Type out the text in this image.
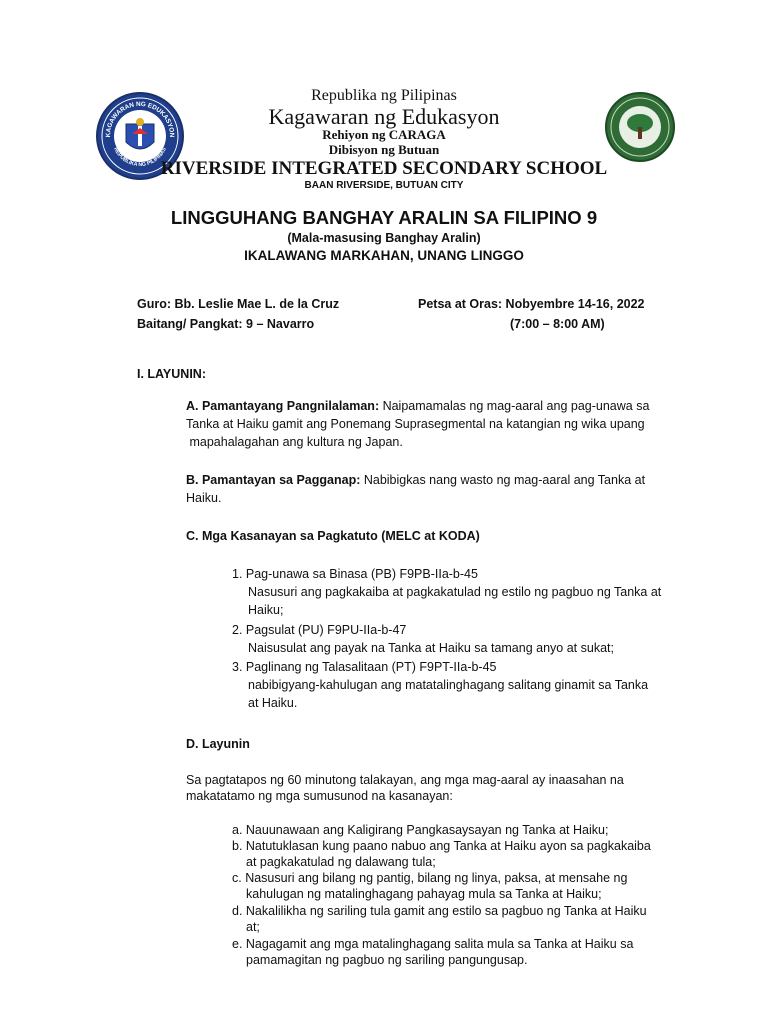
KAGAWARAN NG EDUKASYON
REPUBLIKA NG PILIPINAS
Republika ng Pilipinas
Kagawaran ng Edukasyon
Rehiyon ng CARAGA
Dibisyon ng Butuan
RIVERSIDE INTEGRATED SECONDARY SCHOOL
BAAN RIVERSIDE, BUTUAN CITY
LINGGUHANG BANGHAY ARALIN SA FILIPINO 9
(Mala-masusing Banghay Aralin)
IKALAWANG MARKAHAN, UNANG LINGGO
Guro: Bb. Leslie Mae L. de la Cruz	Petsa at Oras: Nobyembre 14-16, 2022
Baitang/ Pangkat: 9 – Navarro	(7:00 – 8:00 AM)
I. LAYUNIN:
A. Pamantayang Pangnilalaman: Naipamamalas ng mag-aaral ang pag-unawa sa
Tanka at Haiku gamit ang Ponemang Suprasegmental na katangian ng wika upang
mapahalagahan ang kultura ng Japan.
B. Pamantayan sa Pagganap: Nabibigkas nang wasto ng mag-aaral ang Tanka at
Haiku.
C. Mga Kasanayan sa Pagkatuto (MELC at KODA)
1. Pag-unawa sa Binasa (PB) F9PB-IIa-b-45
Nasusuri ang pagkakaiba at pagkakatulad ng estilo ng pagbuo ng Tanka at
Haiku;
2. Pagsulat (PU) F9PU-IIa-b-47
Naisusulat ang payak na Tanka at Haiku sa tamang anyo at sukat;
3. Paglinang ng Talasalitaan (PT) F9PT-IIa-b-45
nabibigyang-kahulugan ang matatalinghagang salitang ginamit sa Tanka
at Haiku.
D. Layunin
Sa pagtatapos ng 60 minutong talakayan, ang mga mag-aaral ay inaasahan na
makatatamo ng mga sumusunod na kasanayan:
a. Nauunawaan ang Kaligirang Pangkasaysayan ng Tanka at Haiku;
b. Natutuklasan kung paano nabuo ang Tanka at Haiku ayon sa pagkakaiba
at pagkakatulad ng dalawang tula;
c. Nasusuri ang bilang ng pantig, bilang ng linya, paksa, at mensahe ng
kahulugan ng matalinghagang pahayag mula sa Tanka at Haiku;
d. Nakalilikha ng sariling tula gamit ang estilo sa pagbuo ng Tanka at Haiku
at;
e. Nagagamit ang mga matalinghagang salita mula sa Tanka at Haiku sa
pamamagitan ng pagbuo ng sariling pangungusap.
